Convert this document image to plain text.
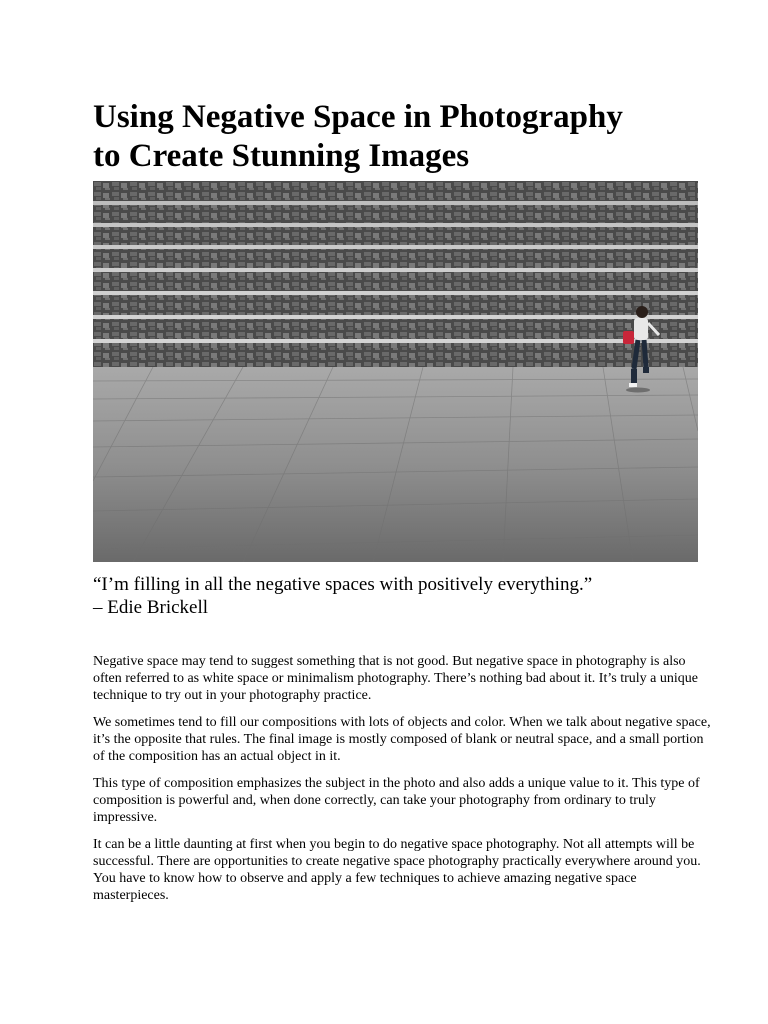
Using Negative Space in Photography
to Create Stunning Images

“I’m filling in all the negative spaces with positively everything.”
– Edie Brickell

Negative space may tend to suggest something that is not good. But negative space in photography is also often referred to as white space or minimalism photography. There’s nothing bad about it. It’s truly a unique technique to try out in your photography practice.

We sometimes tend to fill our compositions with lots of objects and color. When we talk about negative space, it’s the opposite that rules. The final image is mostly composed of blank or neutral space, and a small portion of the composition has an actual object in it.

This type of composition emphasizes the subject in the photo and also adds a unique value to it. This type of composition is powerful and, when done correctly, can take your photography from ordinary to truly impressive.

It can be a little daunting at first when you begin to do negative space photography. Not all attempts will be successful. There are opportunities to create negative space photography practically everywhere around you. You have to know how to observe and apply a few techniques to achieve amazing negative space masterpieces.
